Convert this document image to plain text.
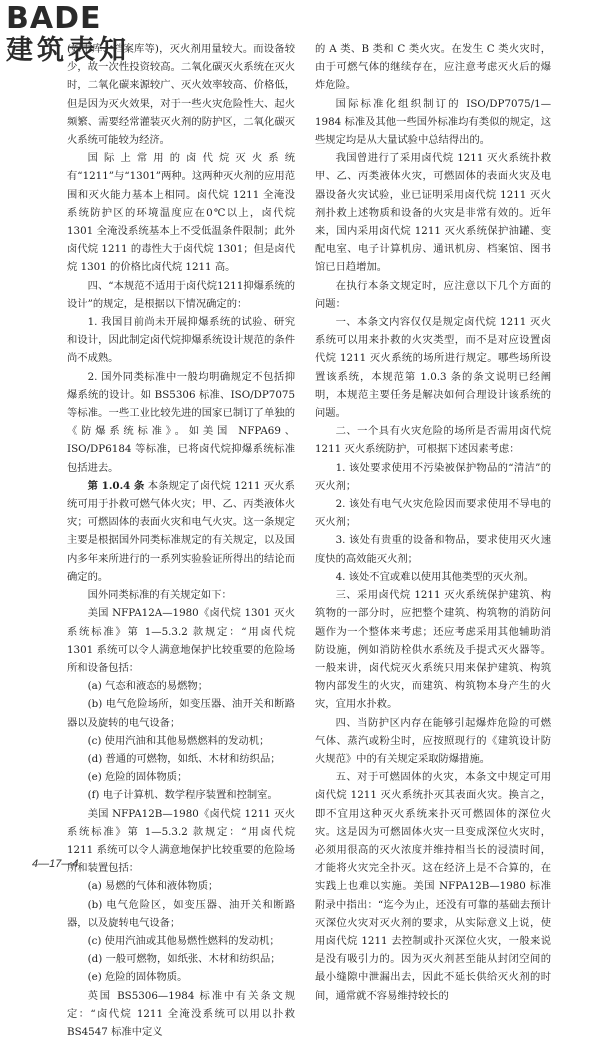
BADE
建筑表知

(如书库、档案库等)，灭火剂用量较大。而设备较少，故一次性投资较高。二氧化碳灭火系统在灭火时，二氧化碳来源较广、灭火效率较高、价格低，但是因为灭火效果，对于一些火灾危险性大、起火频繁、需要经常灌装灭火剂的防护区，二氧化碳灭火系统可能较为经济。

国际上常用的卤代烷灭火系统有“1211”与“1301”两种。这两种灭火剂的应用范围和灭火能力基本上相同。卤代烷 1211 全淹没系统防护区的环境温度应在0℃以上，卤代烷 1301 全淹没系统基本上不受低温条件限制；此外卤代烷 1211 的毒性大于卤代烷 1301；但是卤代烷 1301 的价格比卤代烷 1211 高。

四、“本规范不适用于卤代烷1211抑爆系统的设计”的规定，是根据以下情况确定的：

1. 我国目前尚未开展抑爆系统的试验、研究和设计，因此制定卤代烷抑爆系统设计规范的条件尚不成熟。

2. 国外同类标准中一般均明确规定不包括抑爆系统的设计。如 BS5306 标准、ISO/DP7075 等标准。一些工业比较先进的国家已制订了单独的《防爆系统标准》。如美国 NFPA69、ISO/DP6184 等标准，已将卤代烷抑爆系统标准包括进去。

第 1.0.4 条 本条规定了卤代烷 1211 灭火系统可用于扑救可燃气体火灾；甲、乙、丙类液体火灾；可燃固体的表面火灾和电气火灾。这一条规定主要是根据国外同类标准规定的有关规定，以及国内多年来所进行的一系列实验验证所得出的结论而确定的。

国外同类标准的有关规定如下：

美国 NFPA12A—1980《卤代烷 1301 灭火系统标准》第 1—5.3.2 款规定：“用卤代烷 1301 系统可以令人满意地保护比较重要的危险场所和设备包括：

(a) 气态和液态的易燃物；

(b) 电气危险场所，如变压器、油开关和断路器以及旋转的电气设备；

(c) 使用汽油和其他易燃燃料的发动机；

(d) 普通的可燃物，如纸、木材和纺织品；

(e) 危险的固体物质；

(f) 电子计算机、数学程序装置和控制室。

美国 NFPA12B—1980《卤代烷 1211 灭火系统标准》第 1—5.3.2 款规定：“用卤代烷 1211 系统可以令人满意地保护比较重要的危险场所和装置包括：

(a) 易燃的气体和液体物质；

(b) 电气危险区，如变压器、油开关和断路器，以及旋转电气设备；

(c) 使用汽油或其他易燃性燃料的发动机；

(d) 一般可燃物，如纸张、木材和纺织品；

(e) 危险的固体物质。

英国 BS5306—1984 标准中有关条文规定：“卤代烷 1211 全淹没系统可以用以扑救 BS4547 标准中定义

的 A 类、B 类和 C 类火灾。在发生 C 类火灾时，由于可燃气体的继续存在，应注意考虑灭火后的爆炸危险。

国际标准化组织制订的 ISO/DP7075/1—1984 标准及其他一些国外标准均有类似的规定，这些规定均是从大量试验中总结得出的。

我国曾进行了采用卤代烷 1211 灭火系统扑救甲、乙、丙类液体火灾，可燃固体的表面火灾及电器设备火灾试验，业已证明采用卤代烷 1211 灭火剂扑救上述物质和设备的火灾是非常有效的。近年来，国内采用卤代烷 1211 灭火系统保护油罐、变配电室、电子计算机房、通讯机房、档案馆、图书馆已日趋增加。

在执行本条文规定时，应注意以下几个方面的问题：

一、本条文内容仅仅是规定卤代烷 1211 灭火系统可以用来扑救的火灾类型，而不是对应设置卤代烷 1211 灭火系统的场所进行规定。哪些场所设置该系统，本规范第 1.0.3 条的条文说明已经阐明，本规范主要任务是解决如何合理设计该系统的问题。

二、一个具有火灾危险的场所是否需用卤代烷 1211 灭火系统防护，可根据下述因素考虑：

1. 该处要求使用不污染被保护物品的“清洁”的灭火剂；

2. 该处有电气火灾危险因而要求使用不导电的灭火剂；

3. 该处有贵重的设备和物品，要求使用灭火速度快的高效能灭火剂；

4. 该处不宜或难以使用其他类型的灭火剂。

三、采用卤代烷 1211 灭火系统保护建筑、构筑物的一部分时，应把整个建筑、构筑物的消防问题作为一个整体来考虑；还应考虑采用其他辅助消防设施，例如消防栓供水系统及手提式灭火器等。一般来讲，卤代烷灭火系统只用来保护建筑、构筑物内部发生的火灾，而建筑、构筑物本身产生的火灾，宜用水扑救。

四、当防护区内存在能够引起爆炸危险的可燃气体、蒸汽或粉尘时，应按照现行的《建筑设计防火规范》中的有关规定采取防爆措施。

五、对于可燃固体的火灾，本条文中规定可用卤代烷 1211 灭火系统扑灭其表面火灾。换言之，即不宜用这种灭火系统来扑灭可燃固体的深位火灾。这是因为可燃固体火灾一旦变成深位火灾时，必须用很高的灭火浓度并维持相当长的浸渍时间，才能将火灾完全扑灭。这在经济上是不合算的，在实践上也难以实施。美国 NFPA12B—1980 标准附录中指出：“迄今为止，还没有可靠的基础去预计灭深位火灾对灭火剂的要求，从实际意义上说，使用卤代烷 1211 去控制或扑灭深位火灾，一般来说是没有吸引力的。因为灭火剂甚至能从封闭空间的最小缝隙中泄漏出去，因此不延长供给灭火剂的时间，通常就不容易维持较长的

4—17—4
